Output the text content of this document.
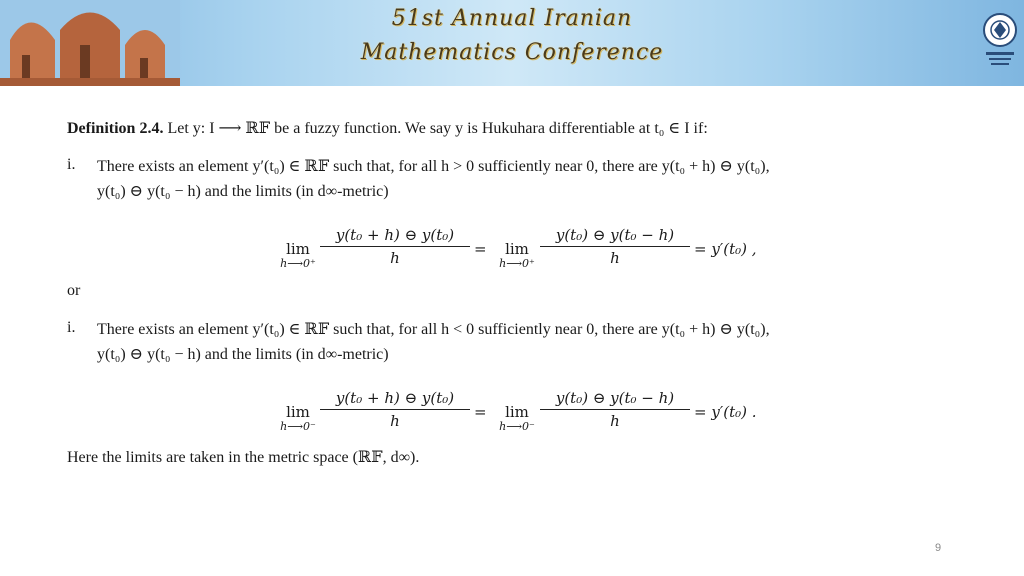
51st Annual Iranian
Mathematics Conference
Definition 2.4. Let y: I ⟶ ℝ𝔽 be a fuzzy function. We say y is Hukuhara differentiable at t₀ ∈ I if:
i. There exists an element y′(t₀) ∈ ℝ𝔽 such that, for all h > 0 sufficiently near 0, there are y(t₀ + h) ⊖ y(t₀),
y(t₀) ⊖ y(t₀ − h) and the limits (in d∞-metric)
lim
h⟶0⁺
y(t₀ + h) ⊖ y(t₀)
h	=	lim
h⟶0⁺
y(t₀) ⊖ y(t₀ − h)
h	= y′(t₀) ,
or
i. There exists an element y′(t₀) ∈ ℝ𝔽 such that, for all h < 0 sufficiently near 0, there are y(t₀ + h) ⊖ y(t₀),
y(t₀) ⊖ y(t₀ − h) and the limits (in d∞-metric)
lim
h⟶0⁻
y(t₀ + h) ⊖ y(t₀)
h	=	lim
h⟶0⁻
y(t₀) ⊖ y(t₀ − h)
h	= y′(t₀) .
Here the limits are taken in the metric space (ℝ𝔽, d∞).
9
